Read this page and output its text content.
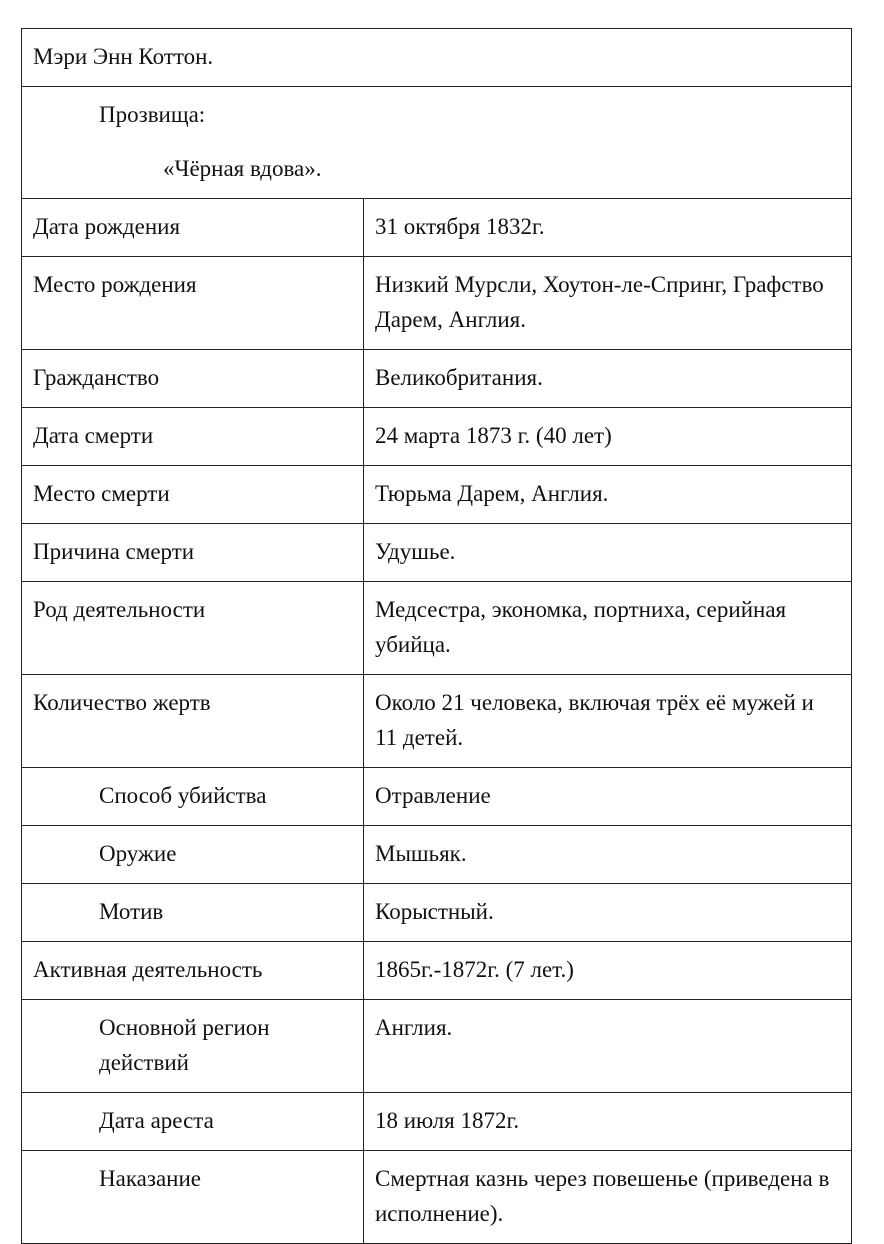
Мэри Энн Коттон.	

Прозвища:
«Чёрная вдова».	

Дата рождения	31 октября 1832г.
Место рождения	Низкий Мурсли, Хоутон-ле-Спринг, Графство Дарем, Англия.
Гражданство	Великобритания.
Дата смерти	24 марта 1873 г. (40 лет)
Место смерти	Тюрьма Дарем, Англия.
Причина смерти	Удушье.
Род деятельности	Медсестра, экономка, портниха, серийная убийца.
Количество жертв	Около 21 человека, включая трёх её мужей и 11 детей.
Способ убийства	Отравление
Оружие	Мышьяк.
Мотив	Корыстный.
Активная деятельность	1865г.-1872г. (7 лет.)
Основной регион действий	Англия.
Дата ареста	18 июля 1872г.
Наказание	Смертная казнь через повешенье (приведена в исполнение).
